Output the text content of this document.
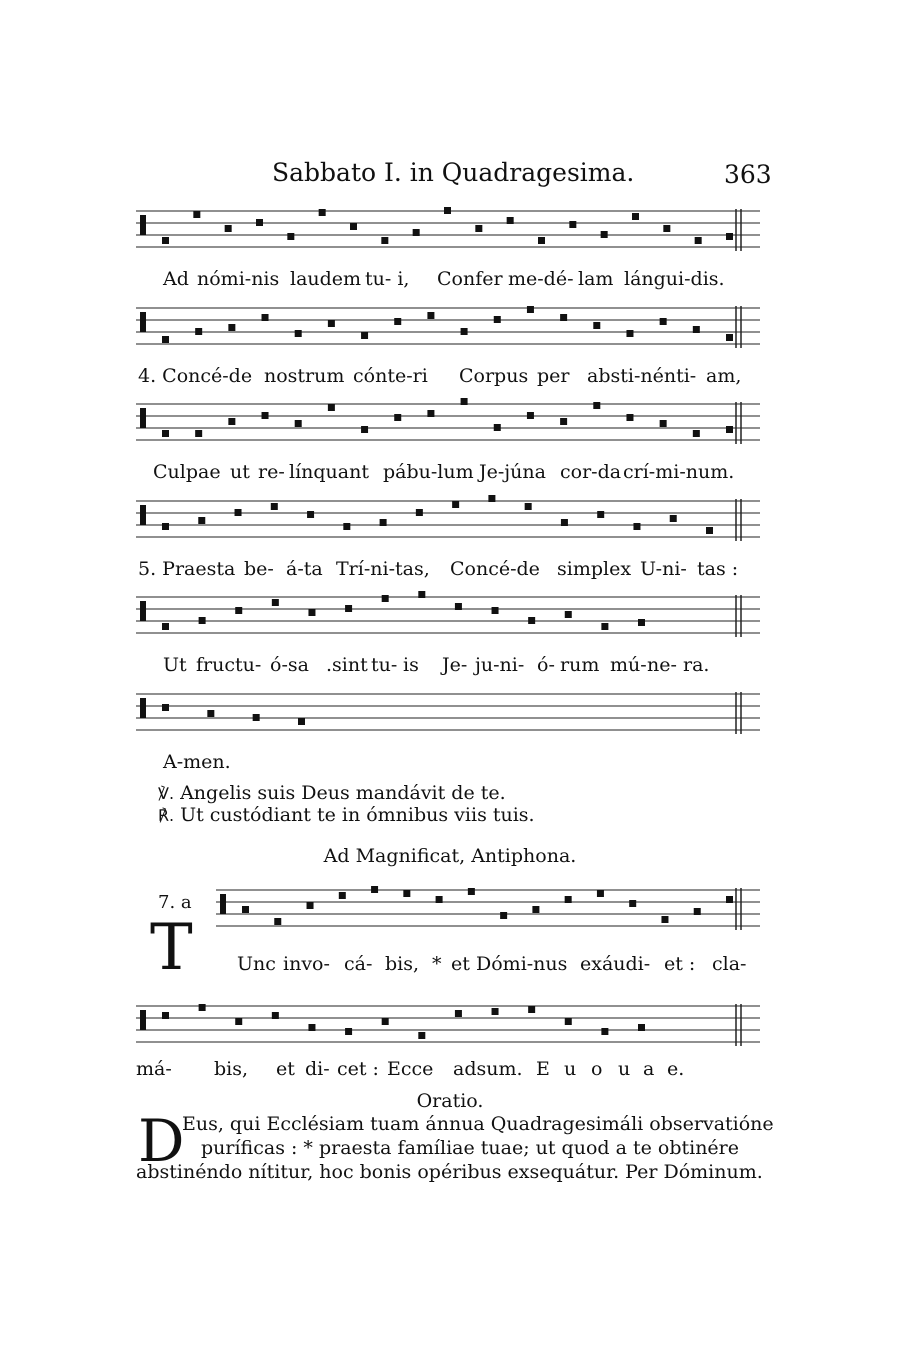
Sabbato I. in Quadragesima.	363
Ad nómi-nis laudem tu- i, Confer me-dé- lam lángui-dis.
4. Concé-de nostrum cónte-ri Corpus per absti-nénti- am,
Culpae ut re- línquant pábu-lum Je-júna cor-da crí-mi-num.
5. Praesta be- á-ta Trí-ni-tas, Concé-de simplex U-ni- tas :
Ut fructu- ó-sa .sint tu- is Je- ju-ni- ó- rum mú- ne- ra.
A-men.
℣. Angelis suis Deus mandávit de te.
℟. Ut custódiant te in ómnibus viis tuis.
Ad Magnificat, Antiphona.
7. a
T Unc invo- cá- bis, * et Dómi-nus exáudi- et : cla-
má- bis, et di- cet : Ecce adsum. E u o u a e.
Oratio.
D
Eus, qui Ecclésiam tuam ánnua Quadragesimáli observatióne
puríficas : * praesta famíliae tuae; ut quod a te obtinére
abstinéndo nítitur, hoc bonis opéribus exsequátur. Per Dóminum.
